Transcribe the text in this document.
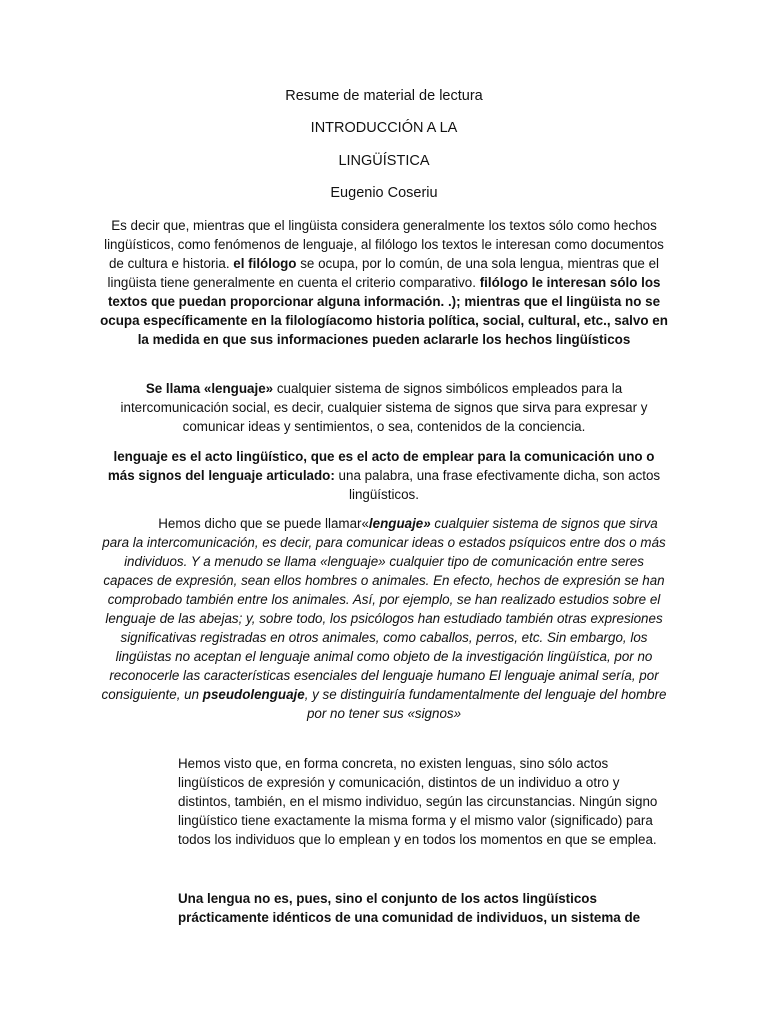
Resume de material de lectura
INTRODUCCIÓN A LA
LINGÜÍSTICA
Eugenio Coseriu
Es decir que, mientras que el lingüista considera generalmente los textos sólo como hechos lingüísticos, como fenómenos de lenguaje, al filólogo los textos le interesan como documentos de cultura e historia. el filólogo se ocupa, por lo común, de una sola lengua, mientras que el lingüista tiene generalmente en cuenta el criterio comparativo. filólogo le interesan sólo los textos que puedan proporcionar alguna información. .); mientras que el lingüista no se ocupa específicamente en la filologíacomo historia política, social, cultural, etc., salvo en la medida en que sus informaciones pueden aclararle los hechos lingüísticos
Se llama «lenguaje» cualquier sistema de signos simbólicos empleados para la intercomunicación social, es decir, cualquier sistema de signos que sirva para expresar y comunicar ideas y sentimientos, o sea, contenidos de la conciencia.
lenguaje es el acto lingüístico, que es el acto de emplear para la comunicación uno o más signos del lenguaje articulado: una palabra, una frase efectivamente dicha, son actos lingüísticos.
Hemos dicho que se puede llamar«lenguaje» cualquier sistema de signos que sirva para la intercomunicación, es decir, para comunicar ideas o estados psíquicos entre dos o más individuos. Y a menudo se llama «lenguaje» cualquier tipo de comunicación entre seres capaces de expresión, sean ellos hombres o animales. En efecto, hechos de expresión se han comprobado también entre los animales. Así, por ejemplo, se han realizado estudios sobre el lenguaje de las abejas; y, sobre todo, los psicólogos han estudiado también otras expresiones significativas registradas en otros animales, como caballos, perros, etc. Sin embargo, los lingüistas no aceptan el lenguaje animal como objeto de la investigación lingüística, por no reconocerle las características esenciales del lenguaje humano El lenguaje animal sería, por consiguiente, un pseudolenguaje, y se distinguiría fundamentalmente del lenguaje del hombre por no tener sus «signos»
Hemos visto que, en forma concreta, no existen lenguas, sino sólo actos lingüísticos de expresión y comunicación, distintos de un individuo a otro y distintos, también, en el mismo individuo, según las circunstancias. Ningún signo lingüístico tiene exactamente la misma forma y el mismo valor (significado) para todos los individuos que lo emplean y en todos los momentos en que se emplea.
Una lengua no es, pues, sino el conjunto de los actos lingüísticos prácticamente idénticos de una comunidad de individuos, un sistema de
